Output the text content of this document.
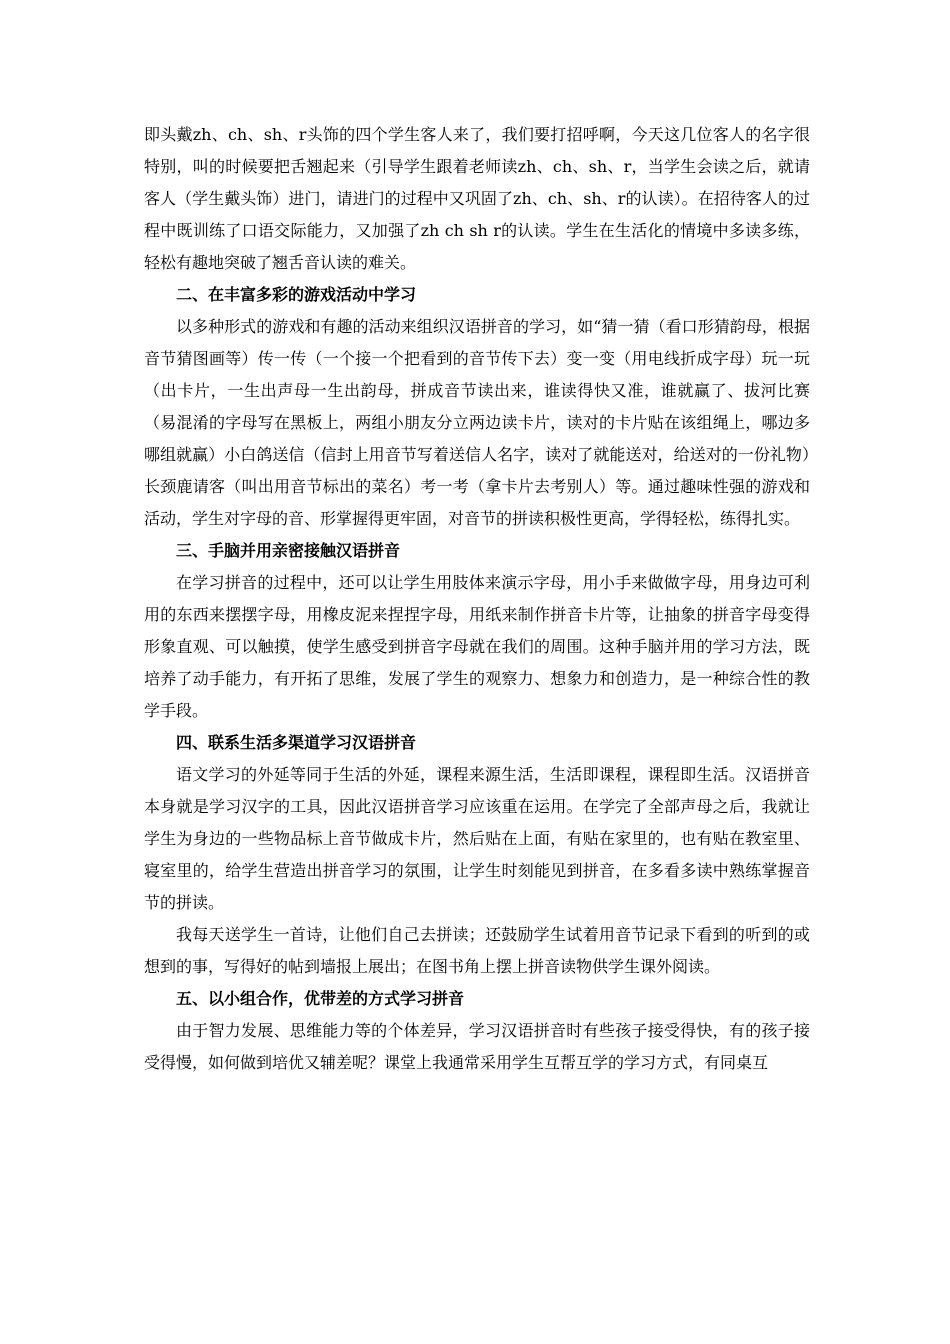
即头戴zh、ch、sh、r头饰的四个学生客人来了，我们要打招呼啊，今天这几位客人的名字很特别，叫的时候要把舌翘起来（引导学生跟着老师读zh、ch、sh、r，当学生会读之后，就请客人（学生戴头饰）进门，请进门的过程中又巩固了zh、ch、sh、r的认读）。在招待客人的过程中既训练了口语交际能力，又加强了zh ch sh r的认读。学生在生活化的情境中多读多练，轻松有趣地突破了翘舌音认读的难关。

二、在丰富多彩的游戏活动中学习

以多种形式的游戏和有趣的活动来组织汉语拼音的学习，如“猜一猜（看口形猜韵母，根据音节猜图画等）传一传（一个接一个把看到的音节传下去）变一变（用电线折成字母）玩一玩（出卡片，一生出声母一生出韵母，拼成音节读出来，谁读得快又准，谁就赢了、拔河比赛（易混淆的字母写在黑板上，两组小朋友分立两边读卡片，读对的卡片贴在该组绳上，哪边多哪组就赢）小白鸽送信（信封上用音节写着送信人名字，读对了就能送对，给送对的一份礼物）长颈鹿请客（叫出用音节标出的菜名）考一考（拿卡片去考别人）等。通过趣味性强的游戏和活动，学生对字母的音、形掌握得更牢固，对音节的拼读积极性更高，学得轻松，练得扎实。

三、手脑并用亲密接触汉语拼音

在学习拼音的过程中，还可以让学生用肢体来演示字母，用小手来做做字母，用身边可利用的东西来摆摆字母，用橡皮泥来捏捏字母，用纸来制作拼音卡片等，让抽象的拼音字母变得形象直观、可以触摸，使学生感受到拼音字母就在我们的周围。这种手脑并用的学习方法，既培养了动手能力，有开拓了思维，发展了学生的观察力、想象力和创造力，是一种综合性的教学手段。

四、联系生活多渠道学习汉语拼音

语文学习的外延等同于生活的外延，课程来源生活，生活即课程，课程即生活。汉语拼音本身就是学习汉字的工具，因此汉语拼音学习应该重在运用。在学完了全部声母之后，我就让学生为身边的一些物品标上音节做成卡片，然后贴在上面，有贴在家里的，也有贴在教室里、寝室里的，给学生营造出拼音学习的氛围，让学生时刻能见到拼音，在多看多读中熟练掌握音节的拼读。

我每天送学生一首诗，让他们自己去拼读；还鼓励学生试着用音节记录下看到的听到的或想到的事，写得好的帖到墙报上展出；在图书角上摆上拼音读物供学生课外阅读。

五、以小组合作，优带差的方式学习拼音

由于智力发展、思维能力等的个体差异，学习汉语拼音时有些孩子接受得快，有的孩子接受得慢，如何做到培优又辅差呢？课堂上我通常采用学生互帮互学的学习方式，有同桌互
